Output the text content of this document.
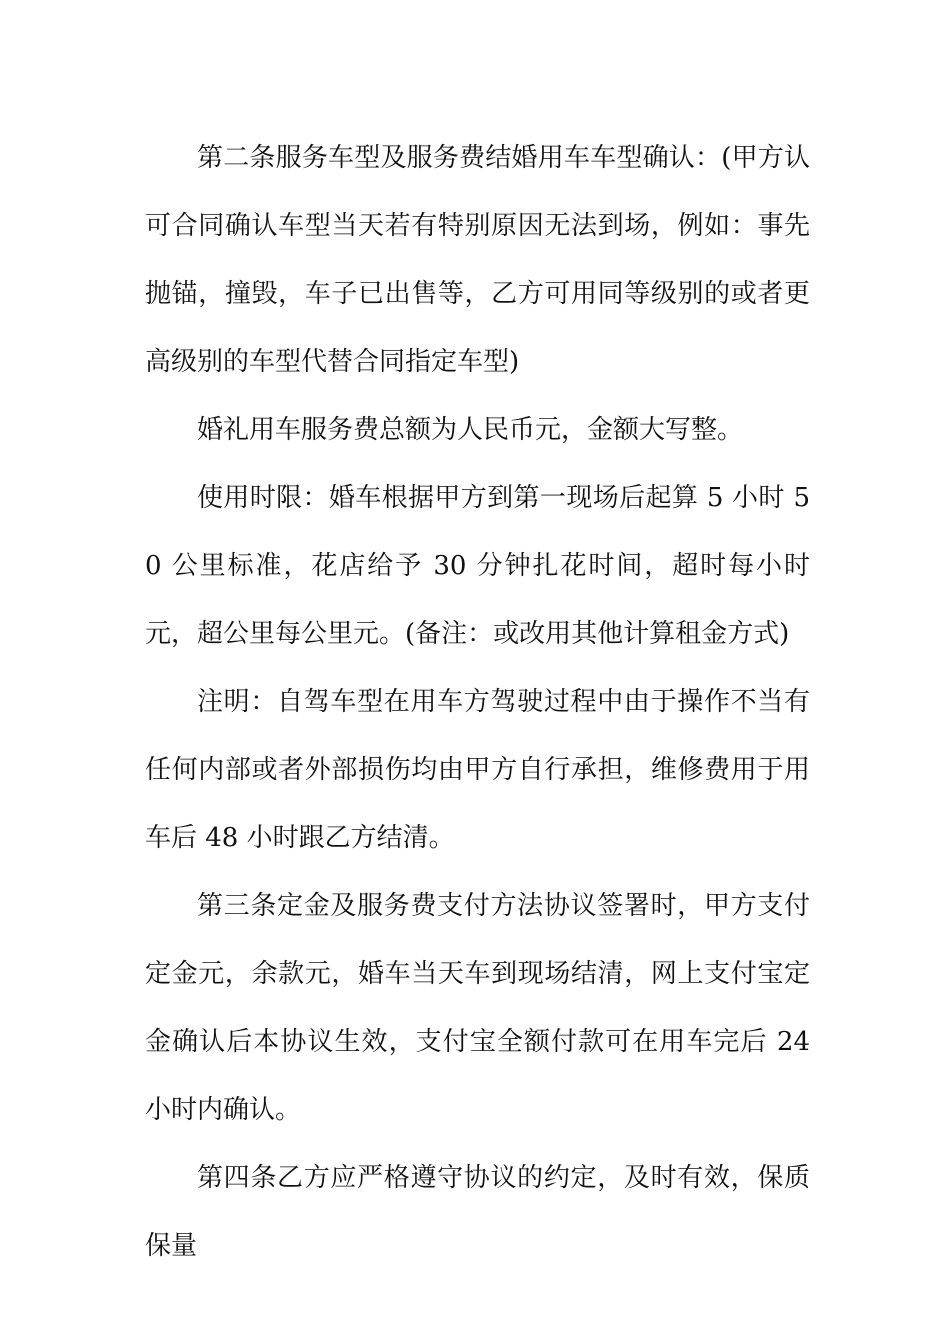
第二条服务车型及服务费结婚用车车型确认：(甲方认可合同确认车型当天若有特别原因无法到场，例如：事先抛锚，撞毁，车子已出售等，乙方可用同等级别的或者更高级别的车型代替合同指定车型)

婚礼用车服务费总额为人民币元，金额大写整。

使用时限：婚车根据甲方到第一现场后起算 5 小时 50 公里标准，花店给予 30 分钟扎花时间，超时每小时元，超公里每公里元。(备注：或改用其他计算租金方式)

注明：自驾车型在用车方驾驶过程中由于操作不当有任何内部或者外部损伤均由甲方自行承担，维修费用于用车后 48 小时跟乙方结清。

第三条定金及服务费支付方法协议签署时，甲方支付定金元，余款元，婚车当天车到现场结清，网上支付宝定金确认后本协议生效，支付宝全额付款可在用车完后 24 小时内确认。

第四条乙方应严格遵守协议的约定，及时有效，保质保量
